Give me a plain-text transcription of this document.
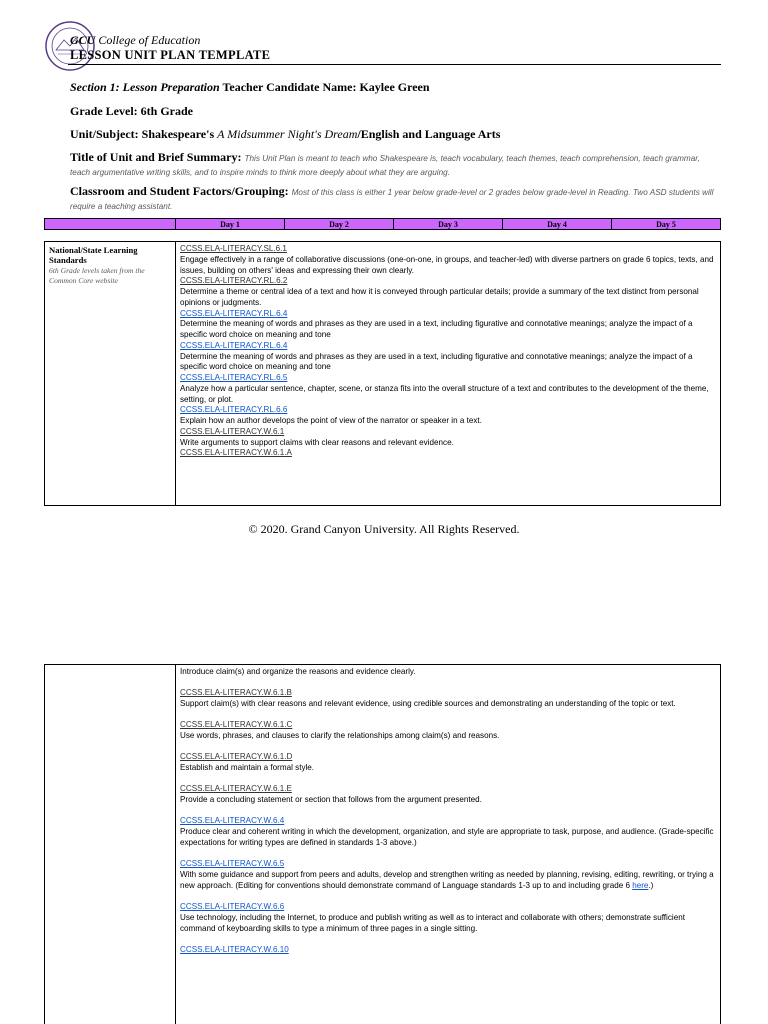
GCU College of Education
LESSON UNIT PLAN TEMPLATE
Section 1: Lesson Preparation Teacher Candidate Name: Kaylee Green
Grade Level: 6th Grade
Unit/Subject: Shakespeare's A Midsummer Night's Dream/English and Language Arts
Title of Unit and Brief Summary: This Unit Plan is meant to teach who Shakespeare is, teach vocabulary, teach themes, teach comprehension, teach grammar, teach argumentative writing skills, and to inspire minds to think more deeply about what they are arguing.
Classroom and Student Factors/Grouping: Most of this class is either 1 year below grade-level or 2 grades below grade-level in Reading. Two ASD students will require a teaching assistant.
Day 1	Day 2	Day 3	Day 4	Day 5
National/State Learning Standards
6th Grade levels taken from the Common Core website
CCSS.ELA-LITERACY.SL.6.1
Engage effectively in a range of collaborative discussions (one-on-one, in groups, and teacher-led) with diverse partners on grade 6 topics, texts, and issues, building on others' ideas and expressing their own clearly.
CCSS.ELA-LITERACY.RL.6.2
Determine a theme or central idea of a text and how it is conveyed through particular details; provide a summary of the text distinct from personal opinions or judgments.
CCSS.ELA-LITERACY.RL.6.4
Determine the meaning of words and phrases as they are used in a text, including figurative and connotative meanings; analyze the impact of a specific word choice on meaning and tone
CCSS.ELA-LITERACY.RL.6.4
Determine the meaning of words and phrases as they are used in a text, including figurative and connotative meanings; analyze the impact of a specific word choice on meaning and tone
CCSS.ELA-LITERACY.RL.6.5
Analyze how a particular sentence, chapter, scene, or stanza fits into the overall structure of a text and contributes to the development of the theme, setting, or plot.
CCSS.ELA-LITERACY.RL.6.6
Explain how an author develops the point of view of the narrator or speaker in a text.
CCSS.ELA-LITERACY.W.6.1
Write arguments to support claims with clear reasons and relevant evidence.
CCSS.ELA-LITERACY.W.6.1.A
© 2020. Grand Canyon University. All Rights Reserved.
Introduce claim(s) and organize the reasons and evidence clearly.
CCSS.ELA-LITERACY.W.6.1.B
Support claim(s) with clear reasons and relevant evidence, using credible sources and demonstrating an understanding of the topic or text.
CCSS.ELA-LITERACY.W.6.1.C
Use words, phrases, and clauses to clarify the relationships among claim(s) and reasons.
CCSS.ELA-LITERACY.W.6.1.D
Establish and maintain a formal style.
CCSS.ELA-LITERACY.W.6.1.E
Provide a concluding statement or section that follows from the argument presented.
CCSS.ELA-LITERACY.W.6.4
Produce clear and coherent writing in which the development, organization, and style are appropriate to task, purpose, and audience. (Grade-specific expectations for writing types are defined in standards 1-3 above.)
CCSS.ELA-LITERACY.W.6.5
With some guidance and support from peers and adults, develop and strengthen writing as needed by planning, revising, editing, rewriting, or trying a new approach. (Editing for conventions should demonstrate command of Language standards 1-3 up to and including grade 6 here.)
CCSS.ELA-LITERACY.W.6.6
Use technology, including the Internet, to produce and publish writing as well as to interact and collaborate with others; demonstrate sufficient command of keyboarding skills to type a minimum of three pages in a single sitting.
CCSS.ELA-LITERACY.W.6.10
